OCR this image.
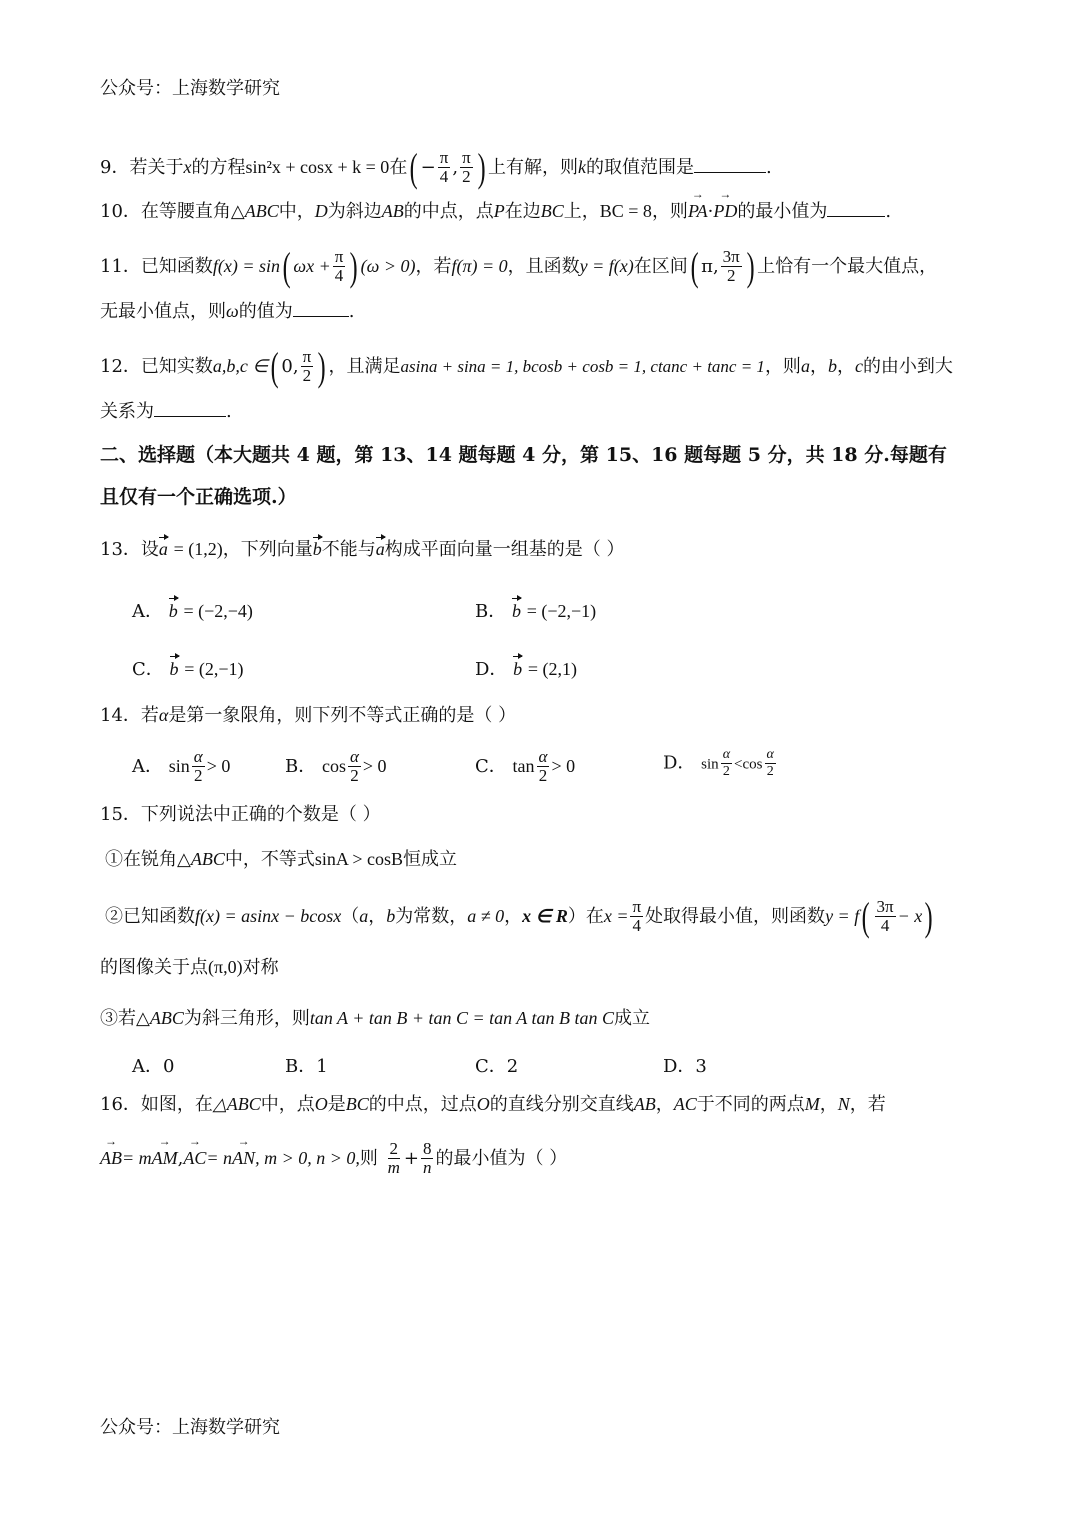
公众号：上海数学研究
9．若关于x的方程sin²x + cosx + k = 0在( − $\frac{\pi}{4}$ , $\frac{\pi}{2}$ ) 上有解，则k的取值范围是	.
10．在等腰直角△ABC中，D为斜边AB的中点，点P在边BC上，BC = 8，则PA →·PD →的最小值为	.
11．已知函数f(x) = sin( $\omega x + \frac{\pi}{4}$ ) (ω > 0)，若f(π) = 0，且函数y = f(x)在区间( π, $\frac{3\pi}{2}$ ) 上恰有一个最大值点，
无最小值点，则ω的值为	.
12．已知实数a,b,c ∈( 0, $\frac{\pi}{2}$ ) ，且满足asina + sina = 1, bcosb + cosb = 1, ctanc + tanc = 1，则a，b，c的由小到大
关系为	.
二、选择题（本大题共 4 题，第 13、14 题每题 4 分，第 15、16 题每题 5 分，共 18 分.每题有
且仅有一个正确选项.）
13．设a = (1,2)，下列向量b不能与a构成平面向量一组基的是（ ）
A． b = (−2,−4)	B． b = (−2,−1)
C． b = (2,−1)	D． b = (2,1)
14．若α是第一象限角，则下列不等式正确的是（ ）
A． $\sin \frac{\alpha}{2} > 0$	B． $\cos \frac{\alpha}{2} > 0$	C． $\tan \frac{\alpha}{2} > 0$	D． $\sin \frac{\alpha}{2} <\cos \frac{\alpha}{2}$
15．下列说法中正确的个数是（ ）
①在锐角△ABC中，不等式sinA > cosB恒成立
②已知函数f(x) = asinx − bcosx（a，b为常数，a ≠ 0，x ∈ R）在$x = \frac{\pi}{4}$ 处取得最小值，则函数$y = f( \frac{3\pi}{4} - x)$
的图像关于点(π,0)对称
③若△ABC为斜三角形，则tan A + tan B + tan C = tan A tan B tan C成立
A．0	B．1	C．2	D．3
16．如图，在△ABC中，点O是BC的中点，过点O的直线分别交直线AB，AC于不同的两点M，N，若
AB →= mAM →,AC →= nAN →, m > 0, n > 0,则 $\frac{2}{m} + \frac{8}{n}$ 的最小值为（ ）
公众号：上海数学研究
